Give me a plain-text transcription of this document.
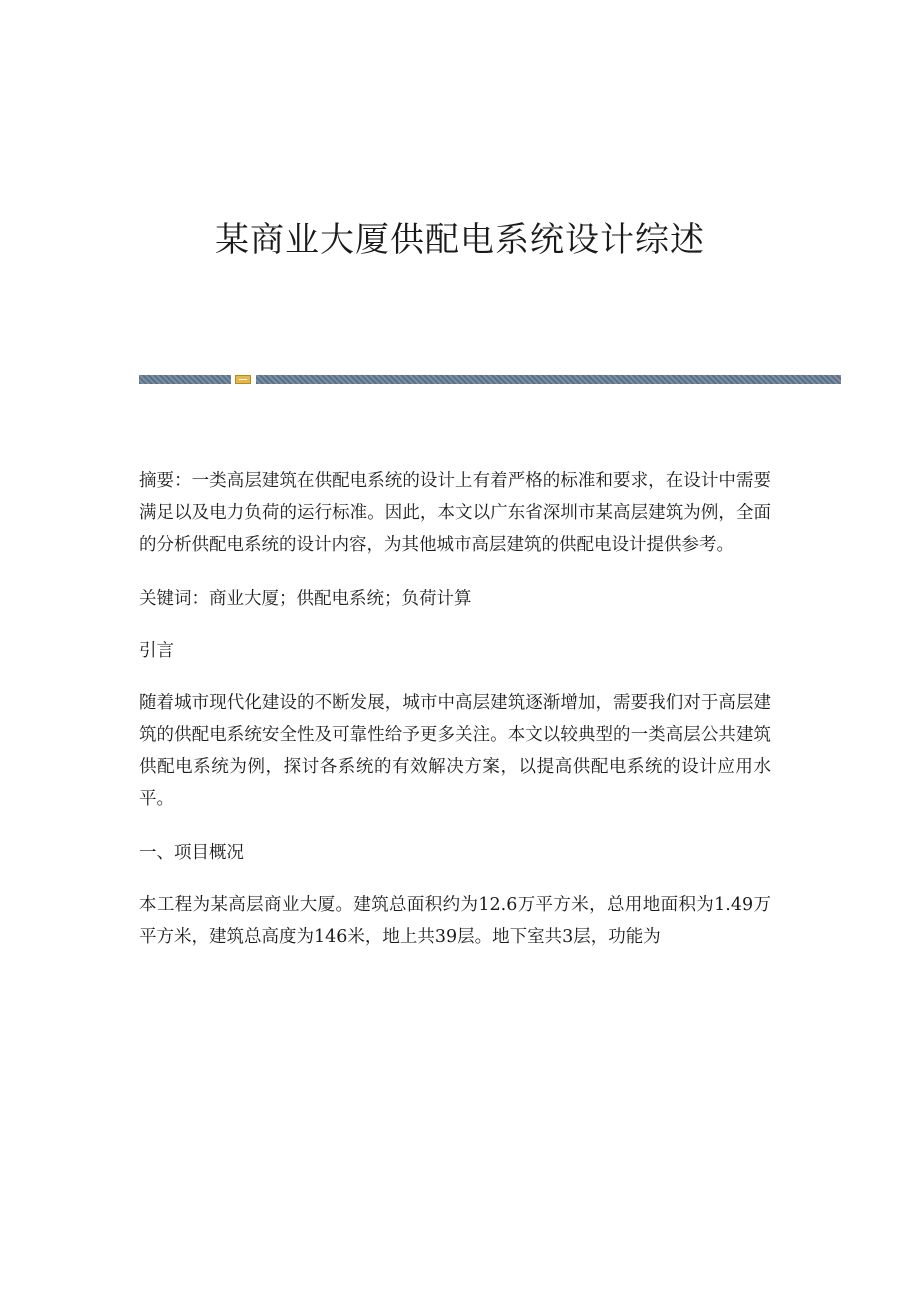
某商业大厦供配电系统设计综述

摘要：一类高层建筑在供配电系统的设计上有着严格的标准和要求，在设计中需要满足以及电力负荷的运行标准。因此，本文以广东省深圳市某高层建筑为例，全面的分析供配电系统的设计内容，为其他城市高层建筑的供配电设计提供参考。

关键词：商业大厦；供配电系统；负荷计算

引言

随着城市现代化建设的不断发展，城市中高层建筑逐渐增加，需要我们对于高层建筑的供配电系统安全性及可靠性给予更多关注。本文以较典型的一类高层公共建筑供配电系统为例，探讨各系统的有效解决方案，以提高供配电系统的设计应用水平。

一、项目概况

本工程为某高层商业大厦。建筑总面积约为12.6万平方米，总用地面积为1.49万平方米，建筑总高度为146米，地上共39层。地下室共3层，功能为
